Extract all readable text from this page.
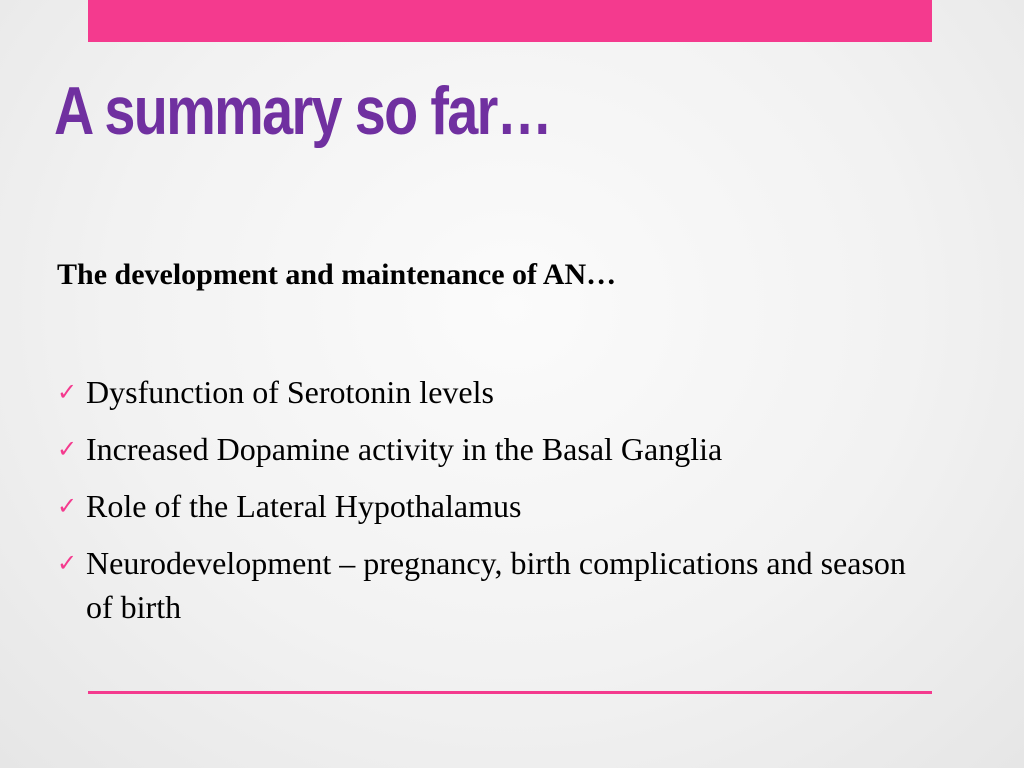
A summary so far…

The development and maintenance of AN…

✓ Dysfunction of Serotonin levels
✓ Increased Dopamine activity in the Basal Ganglia
✓ Role of the Lateral Hypothalamus
✓ Neurodevelopment – pregnancy, birth complications and season of birth
